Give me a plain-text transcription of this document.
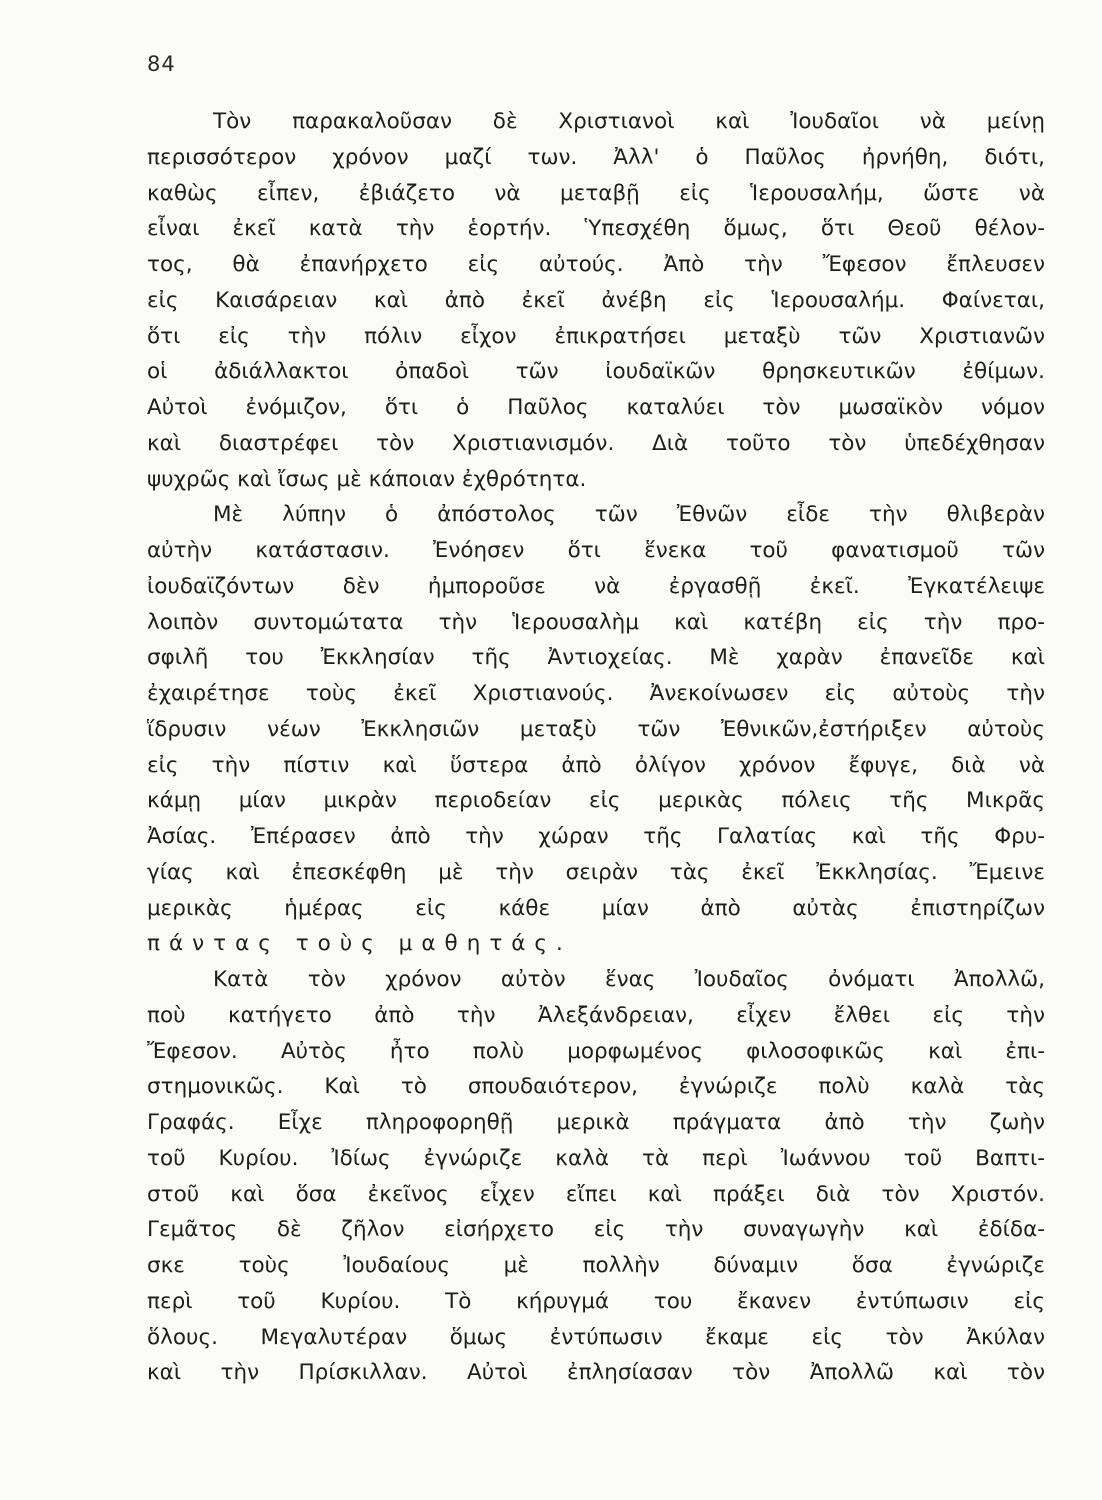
84
Τὸν παρακαλοῦσαν δὲ Χριστιανοὶ καὶ Ἰουδαῖοι νὰ μείνῃ
περισσότερον χρόνον μαζί των. Ἀλλ' ὁ Παῦλος ἠρνήθη, διότι,
καθὼς εἶπεν, ἐβιάζετο νὰ μεταβῇ εἰς Ἱερουσαλήμ, ὥστε νὰ
εἶναι ἐκεῖ κατὰ τὴν ἑορτήν. Ὑπεσχέθη ὅμως, ὅτι Θεοῦ θέλον-
τος, θὰ ἐπανήρχετο εἰς αὐτούς. Ἀπὸ τὴν Ἔφεσον ἔπλευσεν
εἰς Καισάρειαν καὶ ἀπὸ ἐκεῖ ἀνέβη εἰς Ἱερουσαλήμ. Φαίνεται,
ὅτι εἰς τὴν πόλιν εἶχον ἐπικρατήσει μεταξὺ τῶν Χριστιανῶν
οἱ ἀδιάλλακτοι ὀπαδοὶ τῶν ἰουδαϊκῶν θρησκευτικῶν ἐθίμων.
Αὐτοὶ ἐνόμιζον, ὅτι ὁ Παῦλος καταλύει τὸν μωσαϊκὸν νόμον
καὶ διαστρέφει τὸν Χριστιανισμόν. Διὰ τοῦτο τὸν ὑπεδέχθησαν
ψυχρῶς καὶ ἴσως μὲ κάποιαν ἐχθρότητα.
Μὲ λύπην ὁ ἀπόστολος τῶν Ἐθνῶν εἶδε τὴν θλιβερὰν
αὐτὴν κατάστασιν. Ἐνόησεν ὅτι ἕνεκα τοῦ φανατισμοῦ τῶν
ἰουδαϊζόντων δὲν ἠμποροῦσε νὰ ἐργασθῇ ἐκεῖ. Ἐγκατέλειψε
λοιπὸν συντομώτατα τὴν Ἱερουσαλὴμ καὶ κατέβη εἰς τὴν προ-
σφιλῆ του Ἐκκλησίαν τῆς Ἀντιοχείας. Μὲ χαρὰν ἐπανεῖδε καὶ
ἐχαιρέτησε τοὺς ἐκεῖ Χριστιανούς. Ἀνεκοίνωσεν εἰς αὐτοὺς τὴν
ἵδρυσιν νέων Ἐκκλησιῶν μεταξὺ τῶν Ἐθνικῶν,ἐστήριξεν αὐτοὺς
εἰς τὴν πίστιν καὶ ὕστερα ἀπὸ ὀλίγον χρόνον ἔφυγε, διὰ νὰ
κάμῃ μίαν μικρὰν περιοδείαν εἰς μερικὰς πόλεις τῆς Μικρᾶς
Ἀσίας. Ἐπέρασεν ἀπὸ τὴν χώραν τῆς Γαλατίας καὶ τῆς Φρυ-
γίας καὶ ἐπεσκέφθη μὲ τὴν σειρὰν τὰς ἐκεῖ Ἐκκλησίας. Ἔμεινε
μερικὰς ἡμέρας εἰς κάθε μίαν ἀπὸ αὐτὰς ἐπιστηρίζων
πάντας τοὺς μαθητάς.
Κατὰ τὸν χρόνον αὐτὸν ἕνας Ἰουδαῖος ὀνόματι Ἀπολλῶ,
ποὺ κατήγετο ἀπὸ τὴν Ἀλεξάνδρειαν, εἶχεν ἔλθει εἰς τὴν
Ἔφεσον. Αὐτὸς ἦτο πολὺ μορφωμένος φιλοσοφικῶς καὶ ἐπι-
στημονικῶς. Καὶ τὸ σπουδαιότερον, ἐγνώριζε πολὺ καλὰ τὰς
Γραφάς. Εἶχε πληροφορηθῇ μερικὰ πράγματα ἀπὸ τὴν ζωὴν
τοῦ Κυρίου. Ἰδίως ἐγνώριζε καλὰ τὰ περὶ Ἰωάννου τοῦ Βαπτι-
στοῦ καὶ ὅσα ἐκεῖνος εἶχεν εἴπει καὶ πράξει διὰ τὸν Χριστόν.
Γεμᾶτος δὲ ζῆλον εἰσήρχετο εἰς τὴν συναγωγὴν καὶ ἐδίδα-
σκε τοὺς Ἰουδαίους μὲ πολλὴν δύναμιν ὅσα ἐγνώριζε
περὶ τοῦ Κυρίου. Τὸ κήρυγμά του ἔκανεν ἐντύπωσιν εἰς
ὅλους. Μεγαλυτέραν ὅμως ἐντύπωσιν ἔκαμε εἰς τὸν Ἀκύλαν
καὶ τὴν Πρίσκιλλαν. Αὐτοὶ ἐπλησίασαν τὸν Ἀπολλῶ καὶ τὸν
